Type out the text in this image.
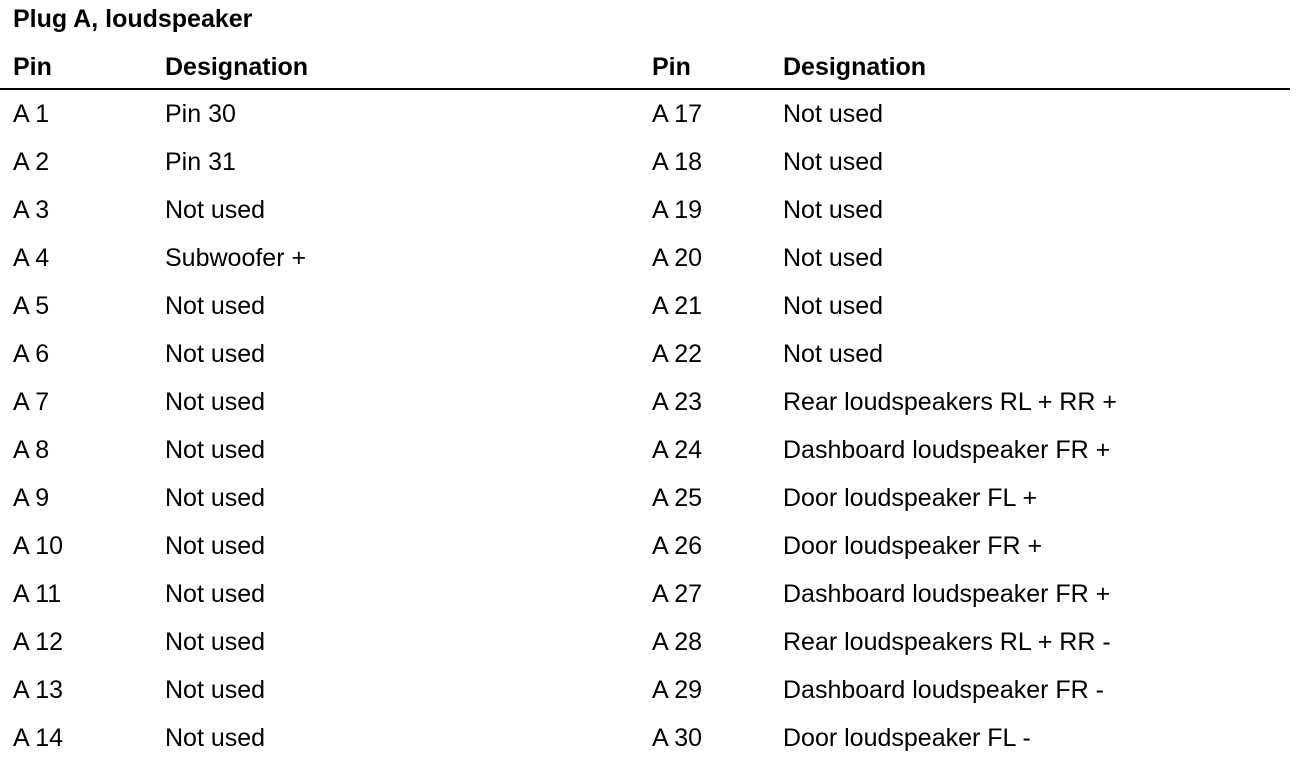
Plug A, loudspeaker
Pin	Designation	Pin	Designation
A 1	Pin 30	A 17	Not used
A 2	Pin 31	A 18	Not used
A 3	Not used	A 19	Not used
A 4	Subwoofer +	A 20	Not used
A 5	Not used	A 21	Not used
A 6	Not used	A 22	Not used
A 7	Not used	A 23	Rear loudspeakers RL + RR +
A 8	Not used	A 24	Dashboard loudspeaker FR +
A 9	Not used	A 25	Door loudspeaker FL +
A 10	Not used	A 26	Door loudspeaker FR +
A 11	Not used	A 27	Dashboard loudspeaker FR +
A 12	Not used	A 28	Rear loudspeakers RL + RR -
A 13	Not used	A 29	Dashboard loudspeaker FR -
A 14	Not used	A 30	Door loudspeaker FL -
